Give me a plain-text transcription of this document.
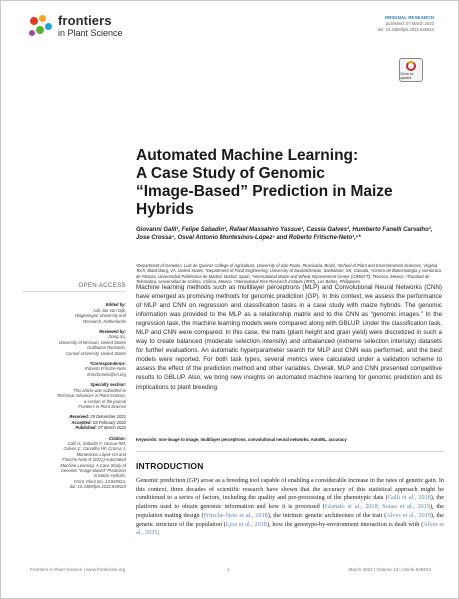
frontiers
in Plant Science
ORIGINAL RESEARCH
published: 07 March 2022
doi: 10.3389/fpls.2022.845524
Check for updates
Automated Machine Learning:
A Case Study of Genomic
“Image-Based” Prediction in Maize
Hybrids
Giovanni Galli¹, Felipe Sabadin¹, Rafael Massahiro Yassue¹, Cassia Galves², Humberto Fanelli Carvalho³, Jose Crossa⁴, Osval Antonio Montesinos-López⁵ and Roberto Fritsche-Neto¹,⁶*
¹Department of Genetics, Luiz de Queiroz College of Agriculture, University of São Paulo, Piracicaba, Brazil, ²School of Plant and Environmental Sciences, Virginia Tech, Blacksburg, VA, United States, ³Department of Food Engineering, University of Saskatchewan, Saskatoon, SK, Canada, ⁴Centro de Biotecnología y Genómica de Plantas, Universidad Politécnica de Madrid, Madrid, Spain, ⁵International Maize and Wheat Improvement Center (CIMMYT), Texcoco, Mexico, ⁶Facultad de Telemática, Universidad de Colima, Colima, Mexico, ⁷International Rice Research Institute (IRRI), Los Baños, Philippines
OPEN ACCESS
Edited by:
Aalt-Jan Van Dijk,
Wageningen University and
Research, Netherlands
Reviewed by:
Dong Xu,
University of Missouri, United States
Guillaume Ramstein,
Cornell University, United States
*Correspondence:
Roberto Fritsche-Neto
rfritscheneto@irri.org
Specialty section:
This article was submitted to
Technical Advances in Plant Science,
a section of the journal
Frontiers in Plant Science
Received: 29 December 2021
Accepted: 03 February 2022
Published: 07 March 2022
Citation:
Galli G, Sabadin F, Yassue RM,
Galves C, Carvalho HF, Crossa J,
Montesinos-López OA and
Fritsche-Neto R (2022) Automated
Machine Learning: A Case Study of
Genomic “Image-Based” Prediction
in Maize Hybrids.
Front. Plant Sci. 13:845524.
doi: 10.3389/fpls.2022.845524
Machine learning methods such as multilayer perceptrons (MLP) and Convolutional Neural Networks (CNN) have emerged as promising methods for genomic prediction (GP). In this context, we assess the performance of MLP and CNN on regression and classification tasks in a case study with maize hybrids. The genomic information was provided to the MLP as a relationship matrix and to the CNN as “genomic images.” In the regression task, the machine learning models were compared along with GBLUP. Under the classification task, MLP and CNN were compared. In this case, the traits (plant height and grain yield) were discretized in such a way to create balanced (moderate selection intensity) and unbalanced (extreme selection intensity) datasets for further evaluations. An automatic hyperparameter search for MLP and CNN was performed, and the best models were reported. For both task types, several metrics were calculated under a validation scheme to assess the effect of the prediction method and other variables. Overall, MLP and CNN presented competitive results to GBLUP. Also, we bring new insights on automated machine learning for genomic prediction and its implications to plant breeding.
Keywords: non-image to image, multilayer perceptrons, convolutional neural networks, AutoML, accuracy
INTRODUCTION
Genomic prediction (GP) arose as a breeding tool capable of enabling a considerable increase in the rates of genetic gain. In this context, three decades of scientific research have shown that the accuracy of this statistical approach might be conditioned to a series of factors, including the quality and pre-processing of the phenotypic data (Galli et al., 2018), the platform used to obtain genomic information and how it is processed (Granato et al., 2018; Sousa et al., 2019), the population mating design (Fritsche-Neto et al., 2018), the intrinsic genetic architecture of the trait (Alves et al., 2019), the genetic structure of the population (Lyra et al., 2018), how the genotype-by-environment interaction is dealt with (Alves et al., 2021;
Frontiers in Plant Science | www.frontiersin.org	1	March 2022 | Volume 13 | Article 845524
